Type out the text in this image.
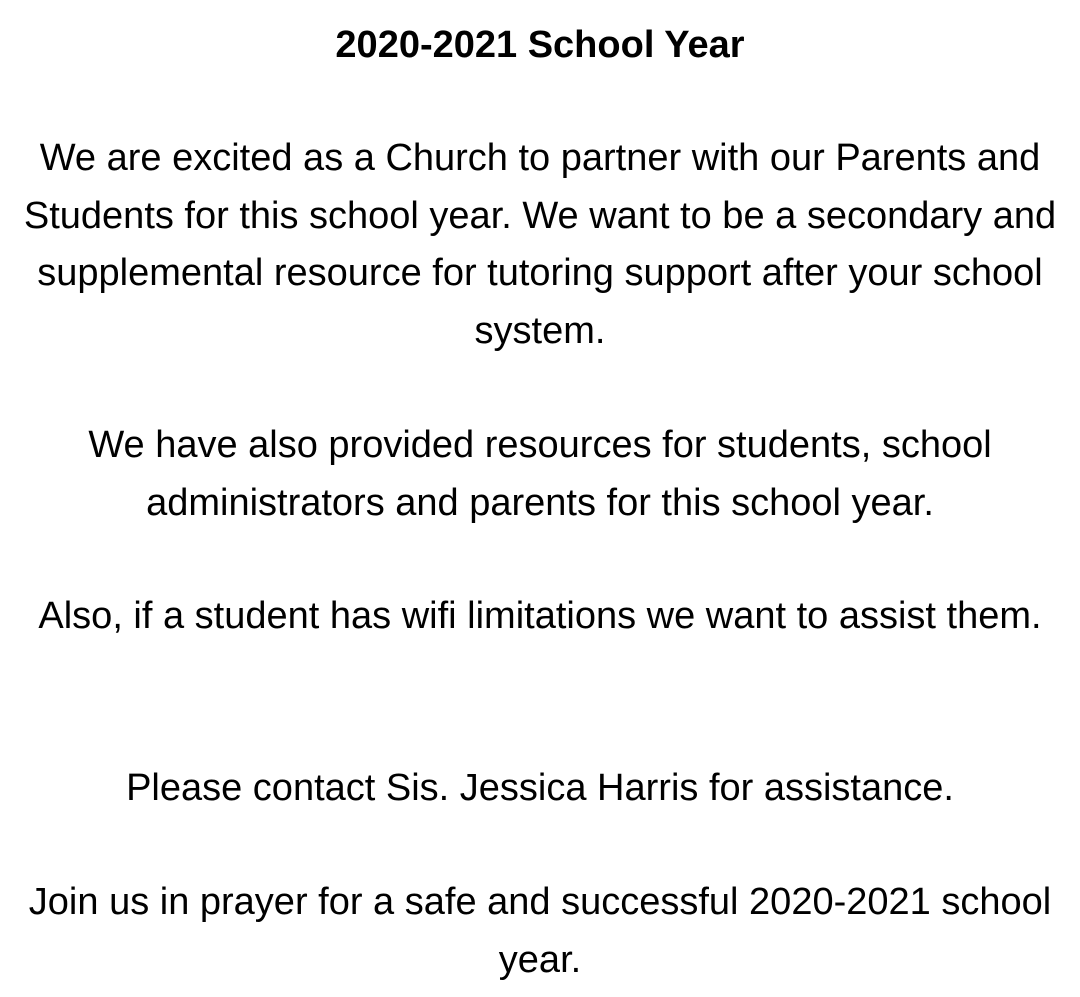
2020-2021 School Year

We are excited as a Church to partner with our Parents and Students for this school year. We want to be a secondary and supplemental resource for tutoring support after your school system.

We have also provided resources for students, school administrators and parents for this school year.

Also, if a student has wifi limitations we want to assist them.

Please contact Sis. Jessica Harris for assistance.

Join us in prayer for a safe and successful 2020-2021 school year.
